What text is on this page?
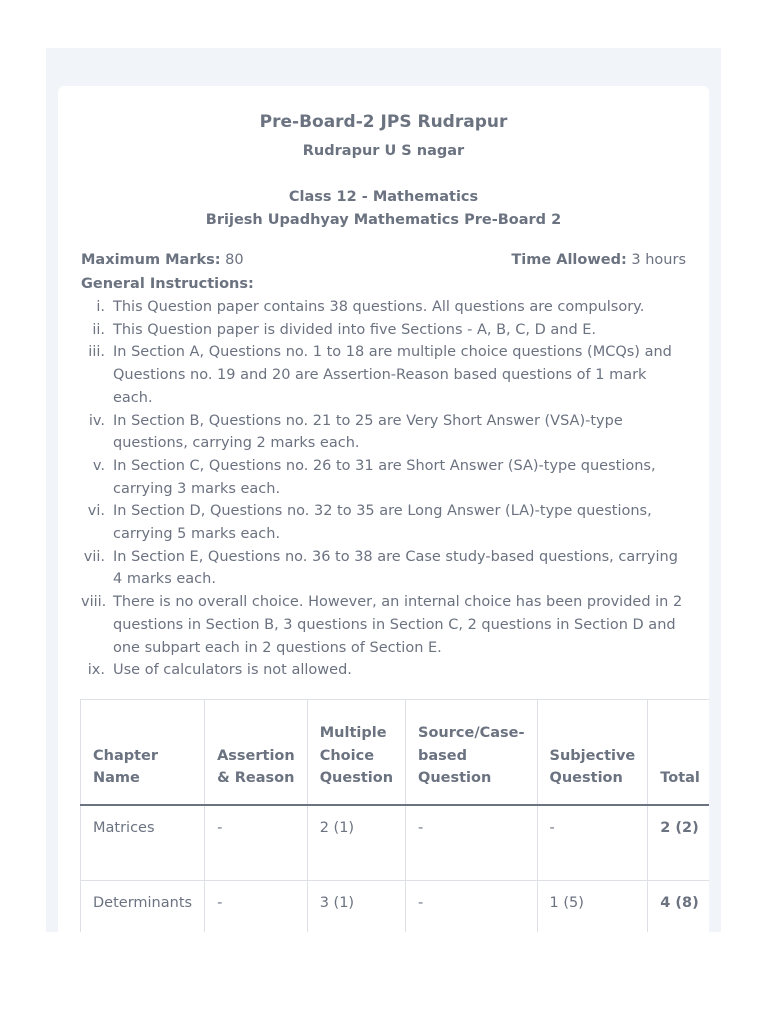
Pre-Board-2 JPS Rudrapur
Rudrapur U S nagar
Class 12 - Mathematics
Brijesh Upadhyay Mathematics Pre-Board 2
Maximum Marks: 80	Time Allowed: 3 hours
General Instructions:
i. This Question paper contains 38 questions. All questions are compulsory.
ii. This Question paper is divided into five Sections - A, B, C, D and E.
iii. In Section A, Questions no. 1 to 18 are multiple choice questions (MCQs) and Questions no. 19 and 20 are Assertion-Reason based questions of 1 mark each.
iv. In Section B, Questions no. 21 to 25 are Very Short Answer (VSA)-type questions, carrying 2 marks each.
v. In Section C, Questions no. 26 to 31 are Short Answer (SA)-type questions, carrying 3 marks each.
vi. In Section D, Questions no. 32 to 35 are Long Answer (LA)-type questions, carrying 5 marks each.
vii. In Section E, Questions no. 36 to 38 are Case study-based questions, carrying 4 marks each.
viii. There is no overall choice. However, an internal choice has been provided in 2 questions in Section B, 3 questions in Section C, 2 questions in Section D and one subpart each in 2 questions of Section E.
ix. Use of calculators is not allowed.
Chapter Name	Assertion & Reason	Multiple Choice Question	Source/Case-based Question	Subjective Question	Total
Matrices	-	2 (1)	-	-	2 (2)
Determinants	-	3 (1)	-	1 (5)	4 (8)
